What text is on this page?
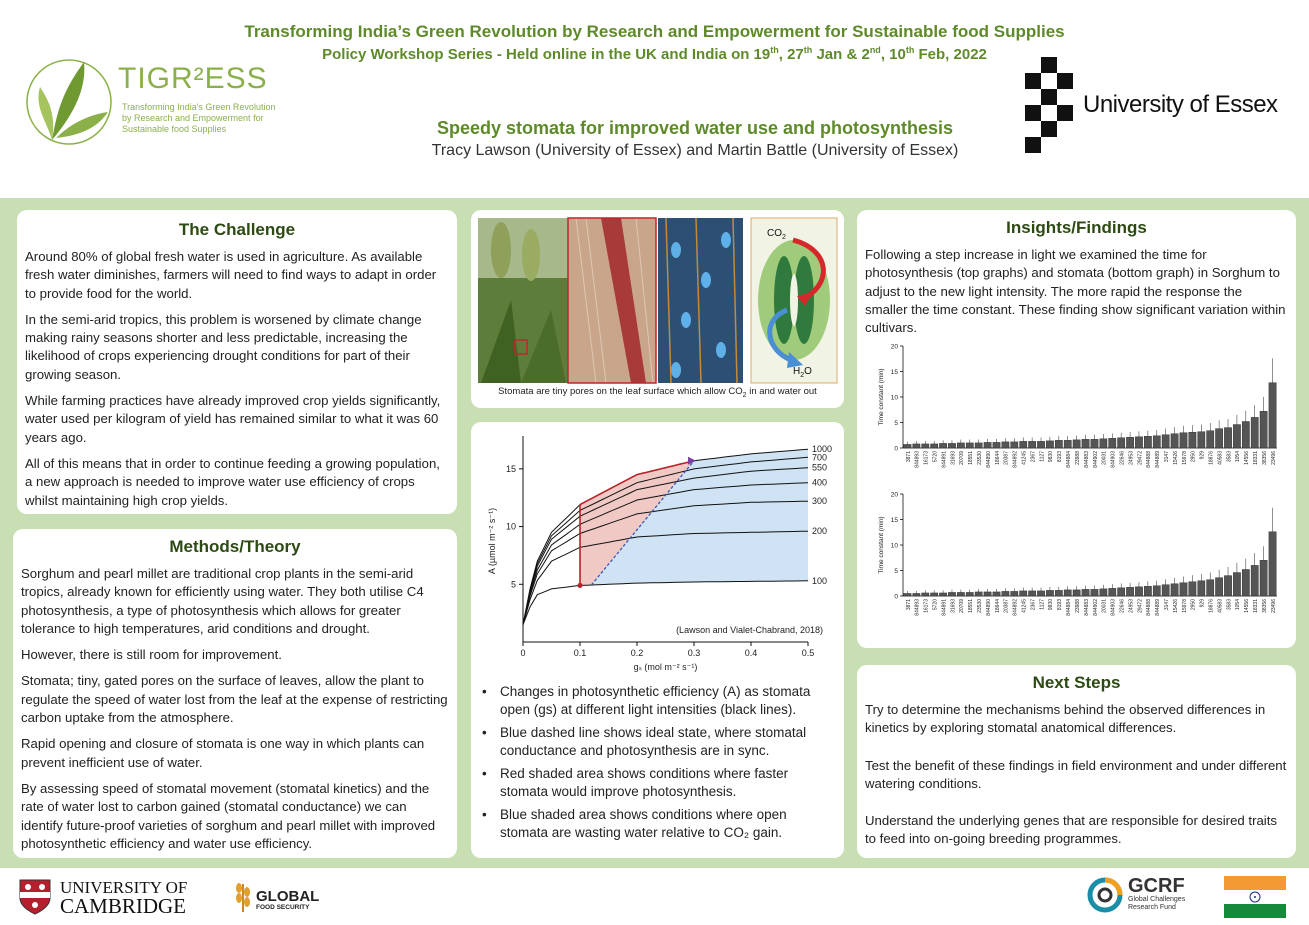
Transforming India’s Green Revolution by Research and Empowerment for Sustainable food Supplies
Policy Workshop Series - Held online in the UK and India on 19th, 27th Jan & 2nd, 10th Feb, 2022
TIGR²ESS
Transforming India's Green Revolution
by Research and Empowerment for
Sustainable food Supplies	Speedy stomata for improved water use and photosynthesis
Tracy Lawson (University of Essex) and Martin Battle (University of Essex)
University of Essex
The Challenge

Around 80% of global fresh water is used in agriculture. As available fresh water diminishes, farmers will need to find ways to adapt in order to provide food for the world.

In the semi-arid tropics, this problem is worsened by climate change making rainy seasons shorter and less predictable, increasing the likelihood of crops experiencing drought conditions for part of their growing season.

While farming practices have already improved crop yields significantly, water used per kilogram of yield has remained similar to what it was 60 years ago.

All of this means that in order to continue feeding a growing population, a new approach is needed to improve water use efficiency of crops whilst maintaining high crop yields.

Methods/Theory

Sorghum and pearl millet are traditional crop plants in the semi-arid tropics, already known for efficiently using water. They both utilise C4 photosynthesis, a type of photosynthesis which allows for greater tolerance to high temperatures, arid conditions and drought.

However, there is still room for improvement.

Stomata; tiny, gated pores on the surface of leaves, allow the plant to regulate the speed of water lost from the leaf at the expense of restricting carbon uptake from the atmosphere.

Rapid opening and closure of stomata is one way in which plants can prevent inefficient use of water.

By assessing speed of stomatal movement (stomatal kinetics) and the rate of water lost to carbon gained (stomatal conductance) we can identify future-proof varieties of sorghum and pearl millet with improved photosynthetic efficiency and water use efficiency.

$CO_2$
$H_2O$
Stomata are tiny pores on the leaf surface which allow $CO_2$ in and water out
1000
700
550
400
300
200
100
15
10
5
0	0.1	0.2	0.3	0.4	0.5
A (µmol m⁻² s⁻¹)
gₛ (mol m⁻² s⁻¹)
(Lawson and Vialet-Chabrand, 2018)
• Changes in photosynthetic efficiency (A) as stomata open (gs) at different light intensities (black lines).
• Blue dashed line shows ideal state, where stomatal conductance and photosynthesis are in sync.
• Red shaded area shows conditions where faster stomata would improve photosynthesis.
• Blue shaded area shows conditions where open stomata are wasting water relative to CO₂ gain.
Insights/Findings

Following a step increase in light we examined the time for photosynthesis (top graphs) and stomata (bottom graph) in Sorghum to adjust to the new light intensity. The more rapid the response the smaller the time constant. These finding show significant variation within cultivars.

0
5
10
15
20
Time constant (min)
3871 844893 16173 5720 844891 31693 20709 18551 23530 844890 18644 20387 844892 41245 2367 1127 9830 8193 844884 23988 844883 844902 20031 844903 22646 24953 29472 844888 844889 3147 15426 15978 2950 929 18876 40583 3583 1054 14556 18331 38356 23496
0
5
10
15
20
Time constant (min)
3871 844893 16173 5720 844891 31693 20709 18551 23530 844890 18644 20387 844892 41245 2367 1127 9830 8193 844884 23988 844883 844902 20031 844903 22646 24953 29472 844888 844889 3147 15426 15978 2950 929 18876 40583 3583 1054 14556 18331 38356 23496
Next Steps

Try to determine the mechanisms behind the observed differences in kinetics by exploring stomatal anatomical differences.

Test the benefit of these findings in field environment and under different watering conditions.

Understand the underlying genes that are responsible for desired traits to feed into on-going breeding programmes.

UNIVERSITY OF
CAMBRIDGE	GLOBAL
FOOD SECURITY
GCRF
Global Challenges
Research Fund
